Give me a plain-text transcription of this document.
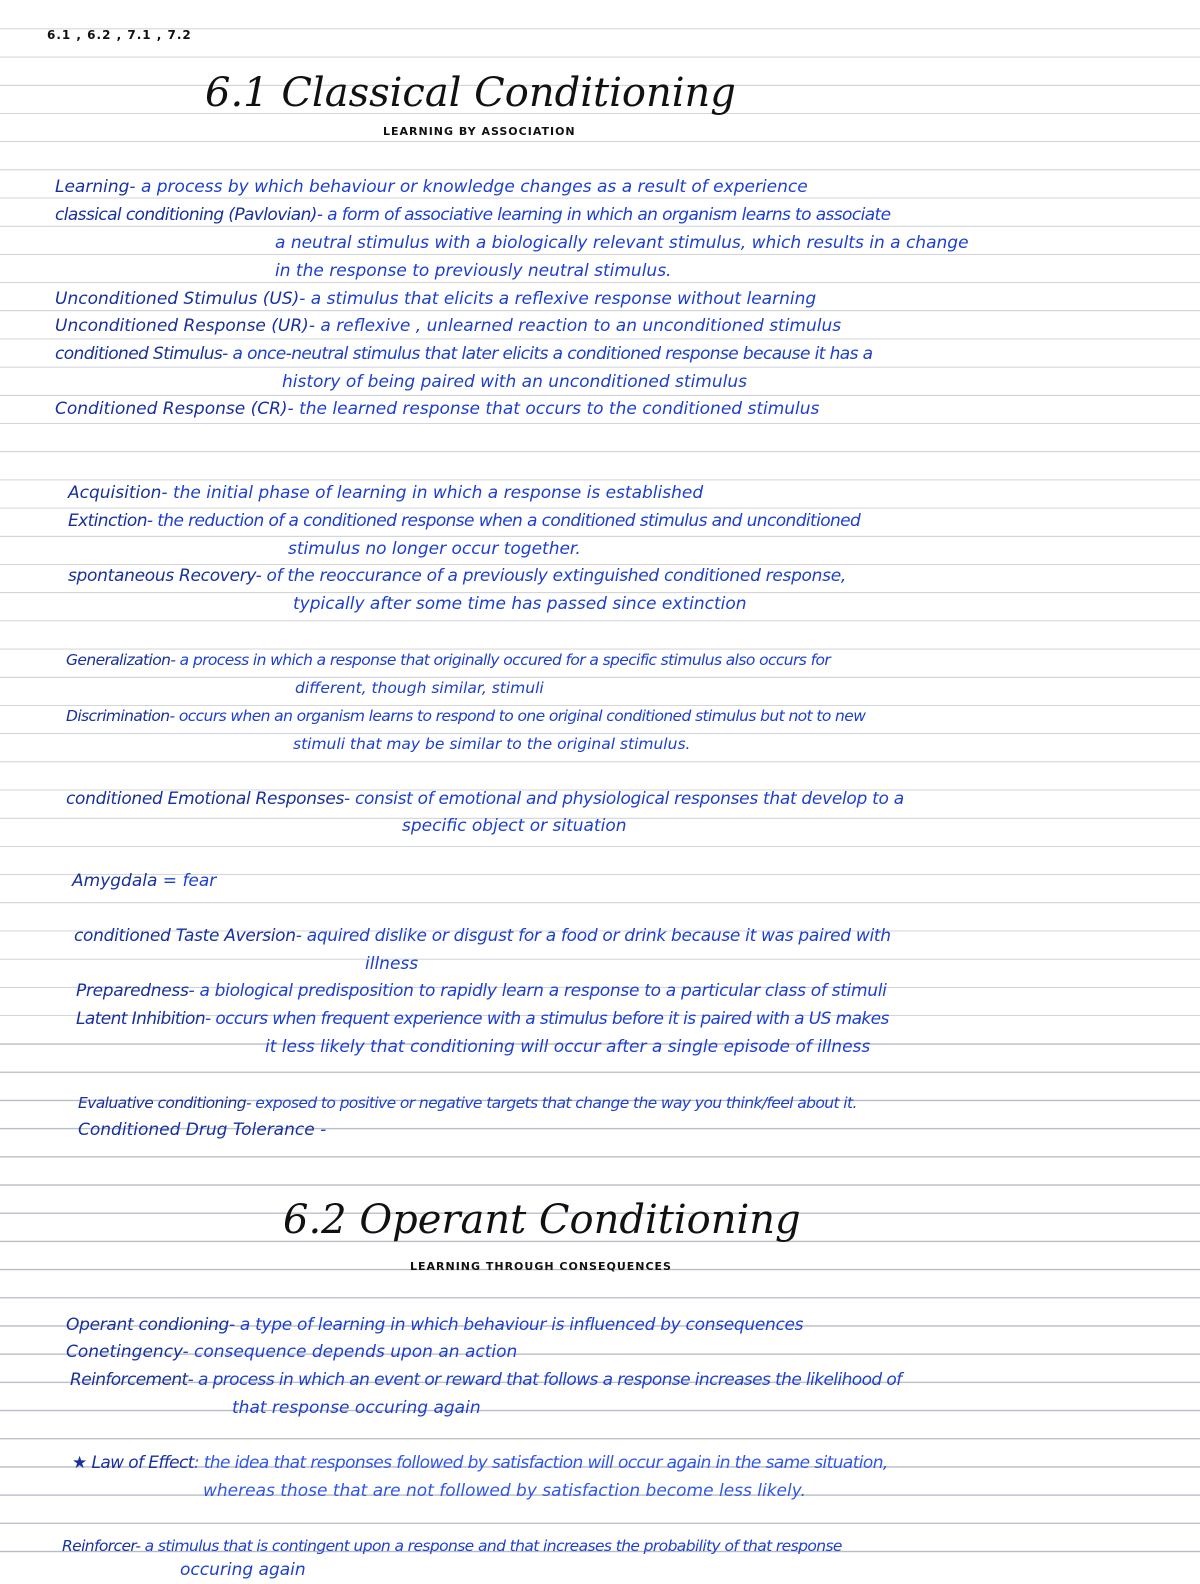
6.1 , 6.2 , 7.1 , 7.2
6.1 Classical Conditioning
LEARNING BY ASSOCIATION
Learning- a process by which behaviour or knowledge changes as a result of experience
classical conditioning (Pavlovian)- a form of associative learning in which an organism learns to associate
a neutral stimulus with a biologically relevant stimulus, which results in a change
in the response to previously neutral stimulus.
Unconditioned Stimulus (US)- a stimulus that elicits a reflexive response without learning
Unconditioned Response (UR)- a reflexive , unlearned reaction to an unconditioned stimulus
conditioned Stimulus- a once-neutral stimulus that later elicits a conditioned response because it has a
history of being paired with an unconditioned stimulus
Conditioned Response (CR)- the learned response that occurs to the conditioned stimulus
Acquisition- the initial phase of learning in which a response is established
Extinction- the reduction of a conditioned response when a conditioned stimulus and unconditioned
stimulus no longer occur together.
spontaneous Recovery- of the reoccurance of a previously extinguished conditioned response,
typically after some time has passed since extinction
Generalization- a process in which a response that originally occured for a specific stimulus also occurs for
different, though similar, stimuli
Discrimination- occurs when an organism learns to respond to one original conditioned stimulus but not to new
stimuli that may be similar to the original stimulus.
conditioned Emotional Responses- consist of emotional and physiological responses that develop to a
specific object or situation
Amygdala = fear
conditioned Taste Aversion- aquired dislike or disgust for a food or drink because it was paired with
illness
Preparedness- a biological predisposition to rapidly learn a response to a particular class of stimuli
Latent Inhibition- occurs when frequent experience with a stimulus before it is paired with a US makes
it less likely that conditioning will occur after a single episode of illness
Evaluative conditioning- exposed to positive or negative targets that change the way you think/feel about it.
Conditioned Drug Tolerance -
6.2 Operant Conditioning
LEARNING THROUGH CONSEQUENCES
Operant condioning- a type of learning in which behaviour is influenced by consequences
Conetingency- consequence depends upon an action
Reinforcement- a process in which an event or reward that follows a response increases the likelihood of
that response occuring again
★ Law of Effect: the idea that responses followed by satisfaction will occur again in the same situation,
whereas those that are not followed by satisfaction become less likely.
Reinforcer- a stimulus that is contingent upon a response and that increases the probability of that response
occuring again
